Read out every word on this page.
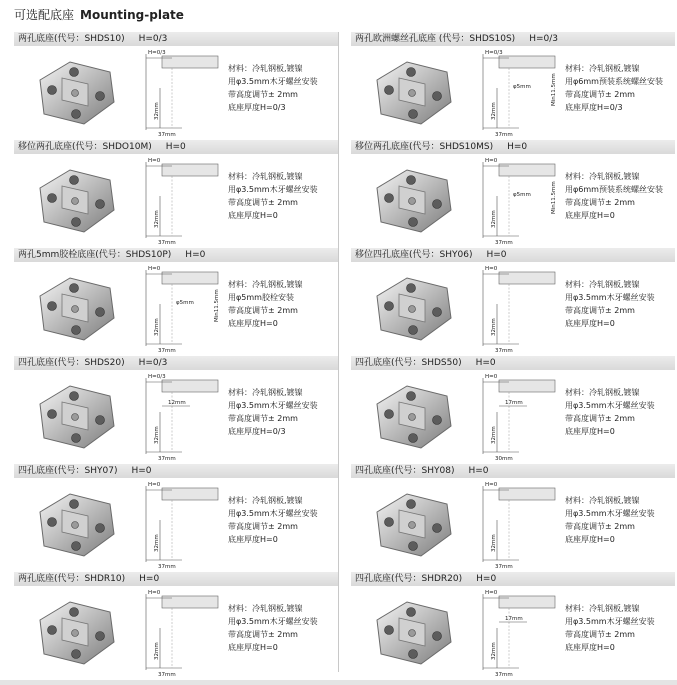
可选配底座 Mounting-plate
两孔底座(代号：SHDS10) H=0/3
H=0/3
32mm
37mm
材料：冷轧钢板,镀镍
用φ3.5mm木牙螺丝安装
带高度调节± 2mm
底座厚度H=0/3
两孔欧洲螺丝孔底座 (代号：SHDS10S) H=0/3
H=0/3
32mm
37mm
φ5mm	Min11.5mm
材料：冷轧钢板,镀镍
用φ6mm预装系统螺丝安装
带高度调节± 2mm
底座厚度H=0/3
移位两孔底座(代号：SHDO10M) H=0
H=0
32mm
37mm
材料：冷轧钢板,镀镍
用φ3.5mm木牙螺丝安装
带高度调节± 2mm
底座厚度H=0
移位两孔底座(代号：SHDS10MS) H=0
H=0
32mm
37mm
φ5mm	Min11.5mm
材料：冷轧钢板,镀镍
用φ6mm预装系统螺丝安装
带高度调节± 2mm
底座厚度H=0
两孔5mm胶栓底座(代号：SHDS10P) H=0
H=0
32mm
37mm
φ5mm	Min11.5mm
材料：冷轧钢板,镀镍
用φ5mm胶栓安装
带高度调节± 2mm
底座厚度H=0
移位四孔底座(代号：SHY06) H=0
H=0
32mm
37mm
材料：冷轧钢板,镀镍
用φ3.5mm木牙螺丝安装
带高度调节± 2mm
底座厚度H=0
四孔底座(代号：SHDS20) H=0/3
H=0/3
32mm
37mm
12mm
材料：冷轧钢板,镀镍
用φ3.5mm木牙螺丝安装
带高度调节± 2mm
底座厚度H=0/3
四孔底座(代号：SHDS50) H=0
H=0
32mm
30mm
17mm
材料：冷轧钢板,镀镍
用φ3.5mm木牙螺丝安装
带高度调节± 2mm
底座厚度H=0
四孔底座(代号：SHY07) H=0
H=0
32mm
37mm
材料：冷轧钢板,镀镍
用φ3.5mm木牙螺丝安装
带高度调节± 2mm
底座厚度H=0
四孔底座(代号：SHY08) H=0
H=0
32mm
37mm
材料：冷轧钢板,镀镍
用φ3.5mm木牙螺丝安装
带高度调节± 2mm
底座厚度H=0
两孔底座(代号：SHDR10) H=0
H=0
32mm
37mm
材料：冷轧钢板,镀镍
用φ3.5mm木牙螺丝安装
带高度调节± 2mm
底座厚度H=0
四孔底座(代号：SHDR20) H=0
H=0
32mm
37mm
17mm
材料：冷轧钢板,镀镍
用φ3.5mm木牙螺丝安装
带高度调节± 2mm
底座厚度H=0
